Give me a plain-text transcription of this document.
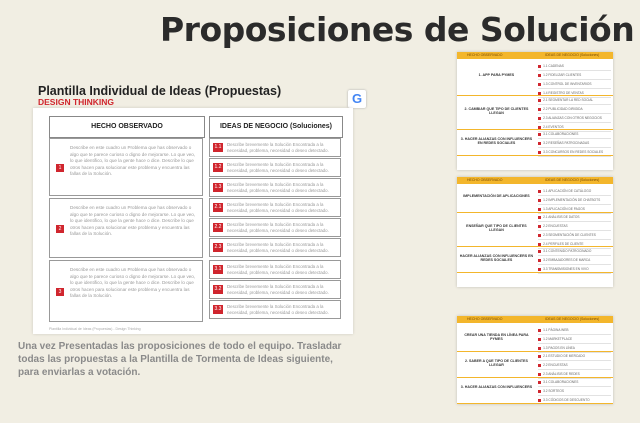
Proposiciones de Solución
Plantilla Individual de Ideas (Propuestas)
DESIGN THINKING	G
HECHO OBSERVADO	IDEAS DE NEGOCIO (Soluciones)
Plantilla Individual de Ideas (Propuestas) - Design Thinking
1
Describe en este cuadro un Problema que has observado o algo que te parece curioso o digno de mejorarse. Lo que veo, lo que identifico, lo que la gente hace o dice. Describe lo que otros hacen para solucionar este problema y encuentra las fallas de la Solución.
1.1	Describe brevemente la Solución Encontrada a la necesidad, problema, necesidad o deseo detectado.
1.2	Describe brevemente la Solución Encontrada a la necesidad, problema, necesidad o deseo detectado.
1.3	Describe brevemente la Solución Encontrada a la necesidad, problema, necesidad o deseo detectado.
2
Describe en este cuadro un Problema que has observado o algo que te parece curioso o digno de mejorarse. Lo que veo, lo que identifico, lo que la gente hace o dice. Describe lo que otros hacen para solucionar este problema y encuentra las fallas de la Solución.
2.1	Describe brevemente la Solución Encontrada a la necesidad, problema, necesidad o deseo detectado.
2.2	Describe brevemente la Solución Encontrada a la necesidad, problema, necesidad o deseo detectado.
2.3	Describe brevemente la Solución Encontrada a la necesidad, problema, necesidad o deseo detectado.
3
Describe en este cuadro un Problema que has observado o algo que te parece curioso o digno de mejorarse. Lo que veo, lo que identifico, lo que la gente hace o dice. Describe lo que otros hacen para solucionar este problema y encuentra las fallas de la Solución.
3.1	Describe brevemente la Solución Encontrada a la necesidad, problema, necesidad o deseo detectado.
3.2	Describe brevemente la Solución Encontrada a la necesidad, problema, necesidad o deseo detectado.
3.3	Describe brevemente la Solución Encontrada a la necesidad, problema, necesidad o deseo detectado.
Una vez Presentadas las proposiciones de todo el equipo. Trasladar todas las propuestas a la Plantilla de Tormenta de Ideas siguiente, para enviarlas a votación.
HECHO OBSERVADO	IDEAS DE NEGOCIO (Soluciones)
1. APP PARA PYMES
1.1 CADENAS
1.2 FIDELIZAR CLIENTES
1.3 CONTROL DE INVENTARIOS
1.4 REGISTRO DE VENTAS
2. CAMBIAR QUE TIPO DE CLIENTES LLEGAN
2.1 SEGMENTAR LA RED SOCIAL
2.2 PUBLICIDAD DIRIGIDA
2.3 ALIANZAS CON OTROS NEGOCIOS
2.4 EVENTOS
3. HACER ALIANZAS CON INFLUENCERS EN REDES SOCIALES
3.1 COLABORACIONES
3.2 RESEÑAS PATROCINADAS
3.3 CONCURSOS EN REDES SOCIALES
HECHO OBSERVADO	IDEAS DE NEGOCIO (Soluciones)
IMPLEMENTACIÓN DE APLICACIONES
1.1 APLICACIÓN DE CATÁLOGO
1.2 IMPLEMENTACIÓN DE CHATBOTS
1.3 APLICACIÓN DE PAGOS
ENSEÑAR QUE TIPO DE CLIENTES LLEGAN
2.1 ANÁLISIS DE DATOS
2.2 ENCUESTAS
2.3 SEGMENTACIÓN DE CLIENTES
2.4 PERFILES DE CLIENTE
HACER ALIANZAS CON INFLUENCERS EN REDES SOCIALES
3.1 CONTENIDO PATROCINADO
3.2 EMBAJADORES DE MARCA
3.3 TRANSMISIONES EN VIVO
HECHO OBSERVADO	IDEAS DE NEGOCIO (Soluciones)
CREAR UNA TIENDA EN LÍNEA PARA PYMES
1.1 PÁGINA WEB
1.2 MARKETPLACE
1.3 PAGOS EN LÍNEA
2. SABER A QUE TIPO DE CLIENTES LLEGAR
2.1 ESTUDIO DE MERCADO
2.2 ENCUESTAS
2.3 ANÁLISIS DE REDES
3. HACER ALIANZAS CON INFLUENCERS
3.1 COLABORACIONES
3.2 SORTEOS
3.3 CÓDIGOS DE DESCUENTO
